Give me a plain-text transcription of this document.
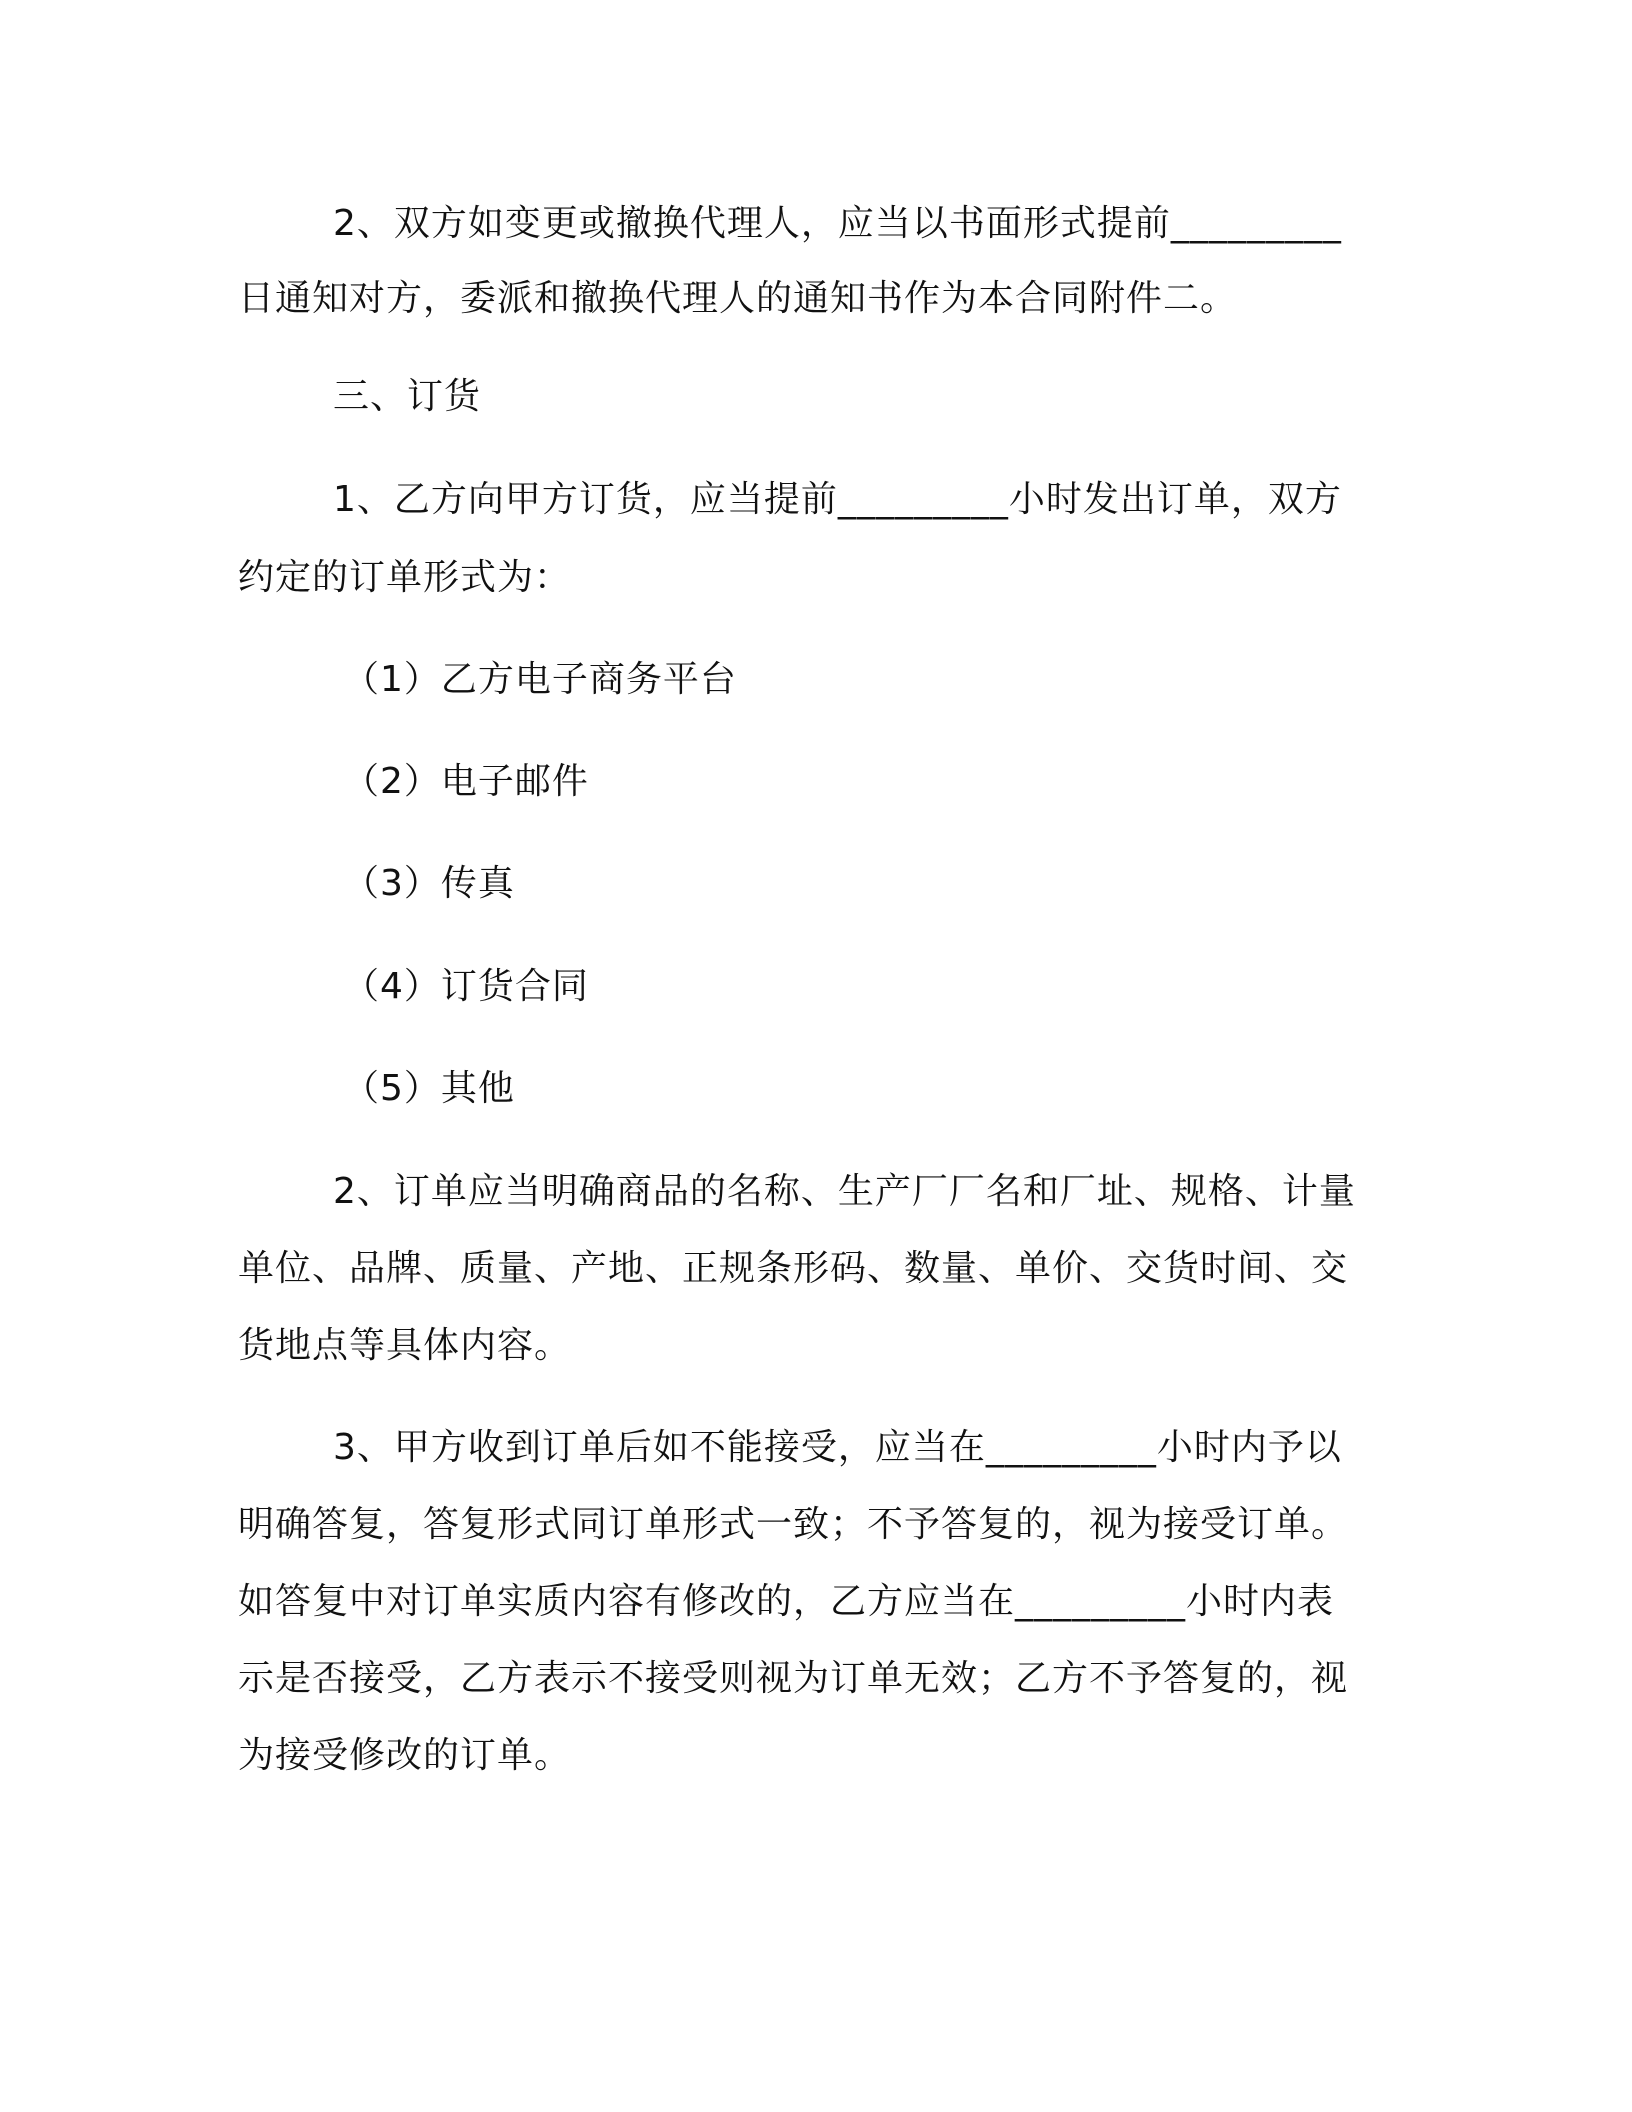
2、双方如变更或撤换代理人，应当以书面形式提前_________
日通知对方，委派和撤换代理人的通知书作为本合同附件二。
三、订货
1、乙方向甲方订货，应当提前_________小时发出订单，双方
约定的订单形式为：
（1）乙方电子商务平台
（2）电子邮件
（3）传真
（4）订货合同
（5）其他
2、订单应当明确商品的名称、生产厂厂名和厂址、规格、计量
单位、品牌、质量、产地、正规条形码、数量、单价、交货时间、交
货地点等具体内容。
3、甲方收到订单后如不能接受，应当在_________小时内予以
明确答复，答复形式同订单形式一致；不予答复的，视为接受订单。
如答复中对订单实质内容有修改的，乙方应当在_________小时内表
示是否接受，乙方表示不接受则视为订单无效；乙方不予答复的，视
为接受修改的订单。
